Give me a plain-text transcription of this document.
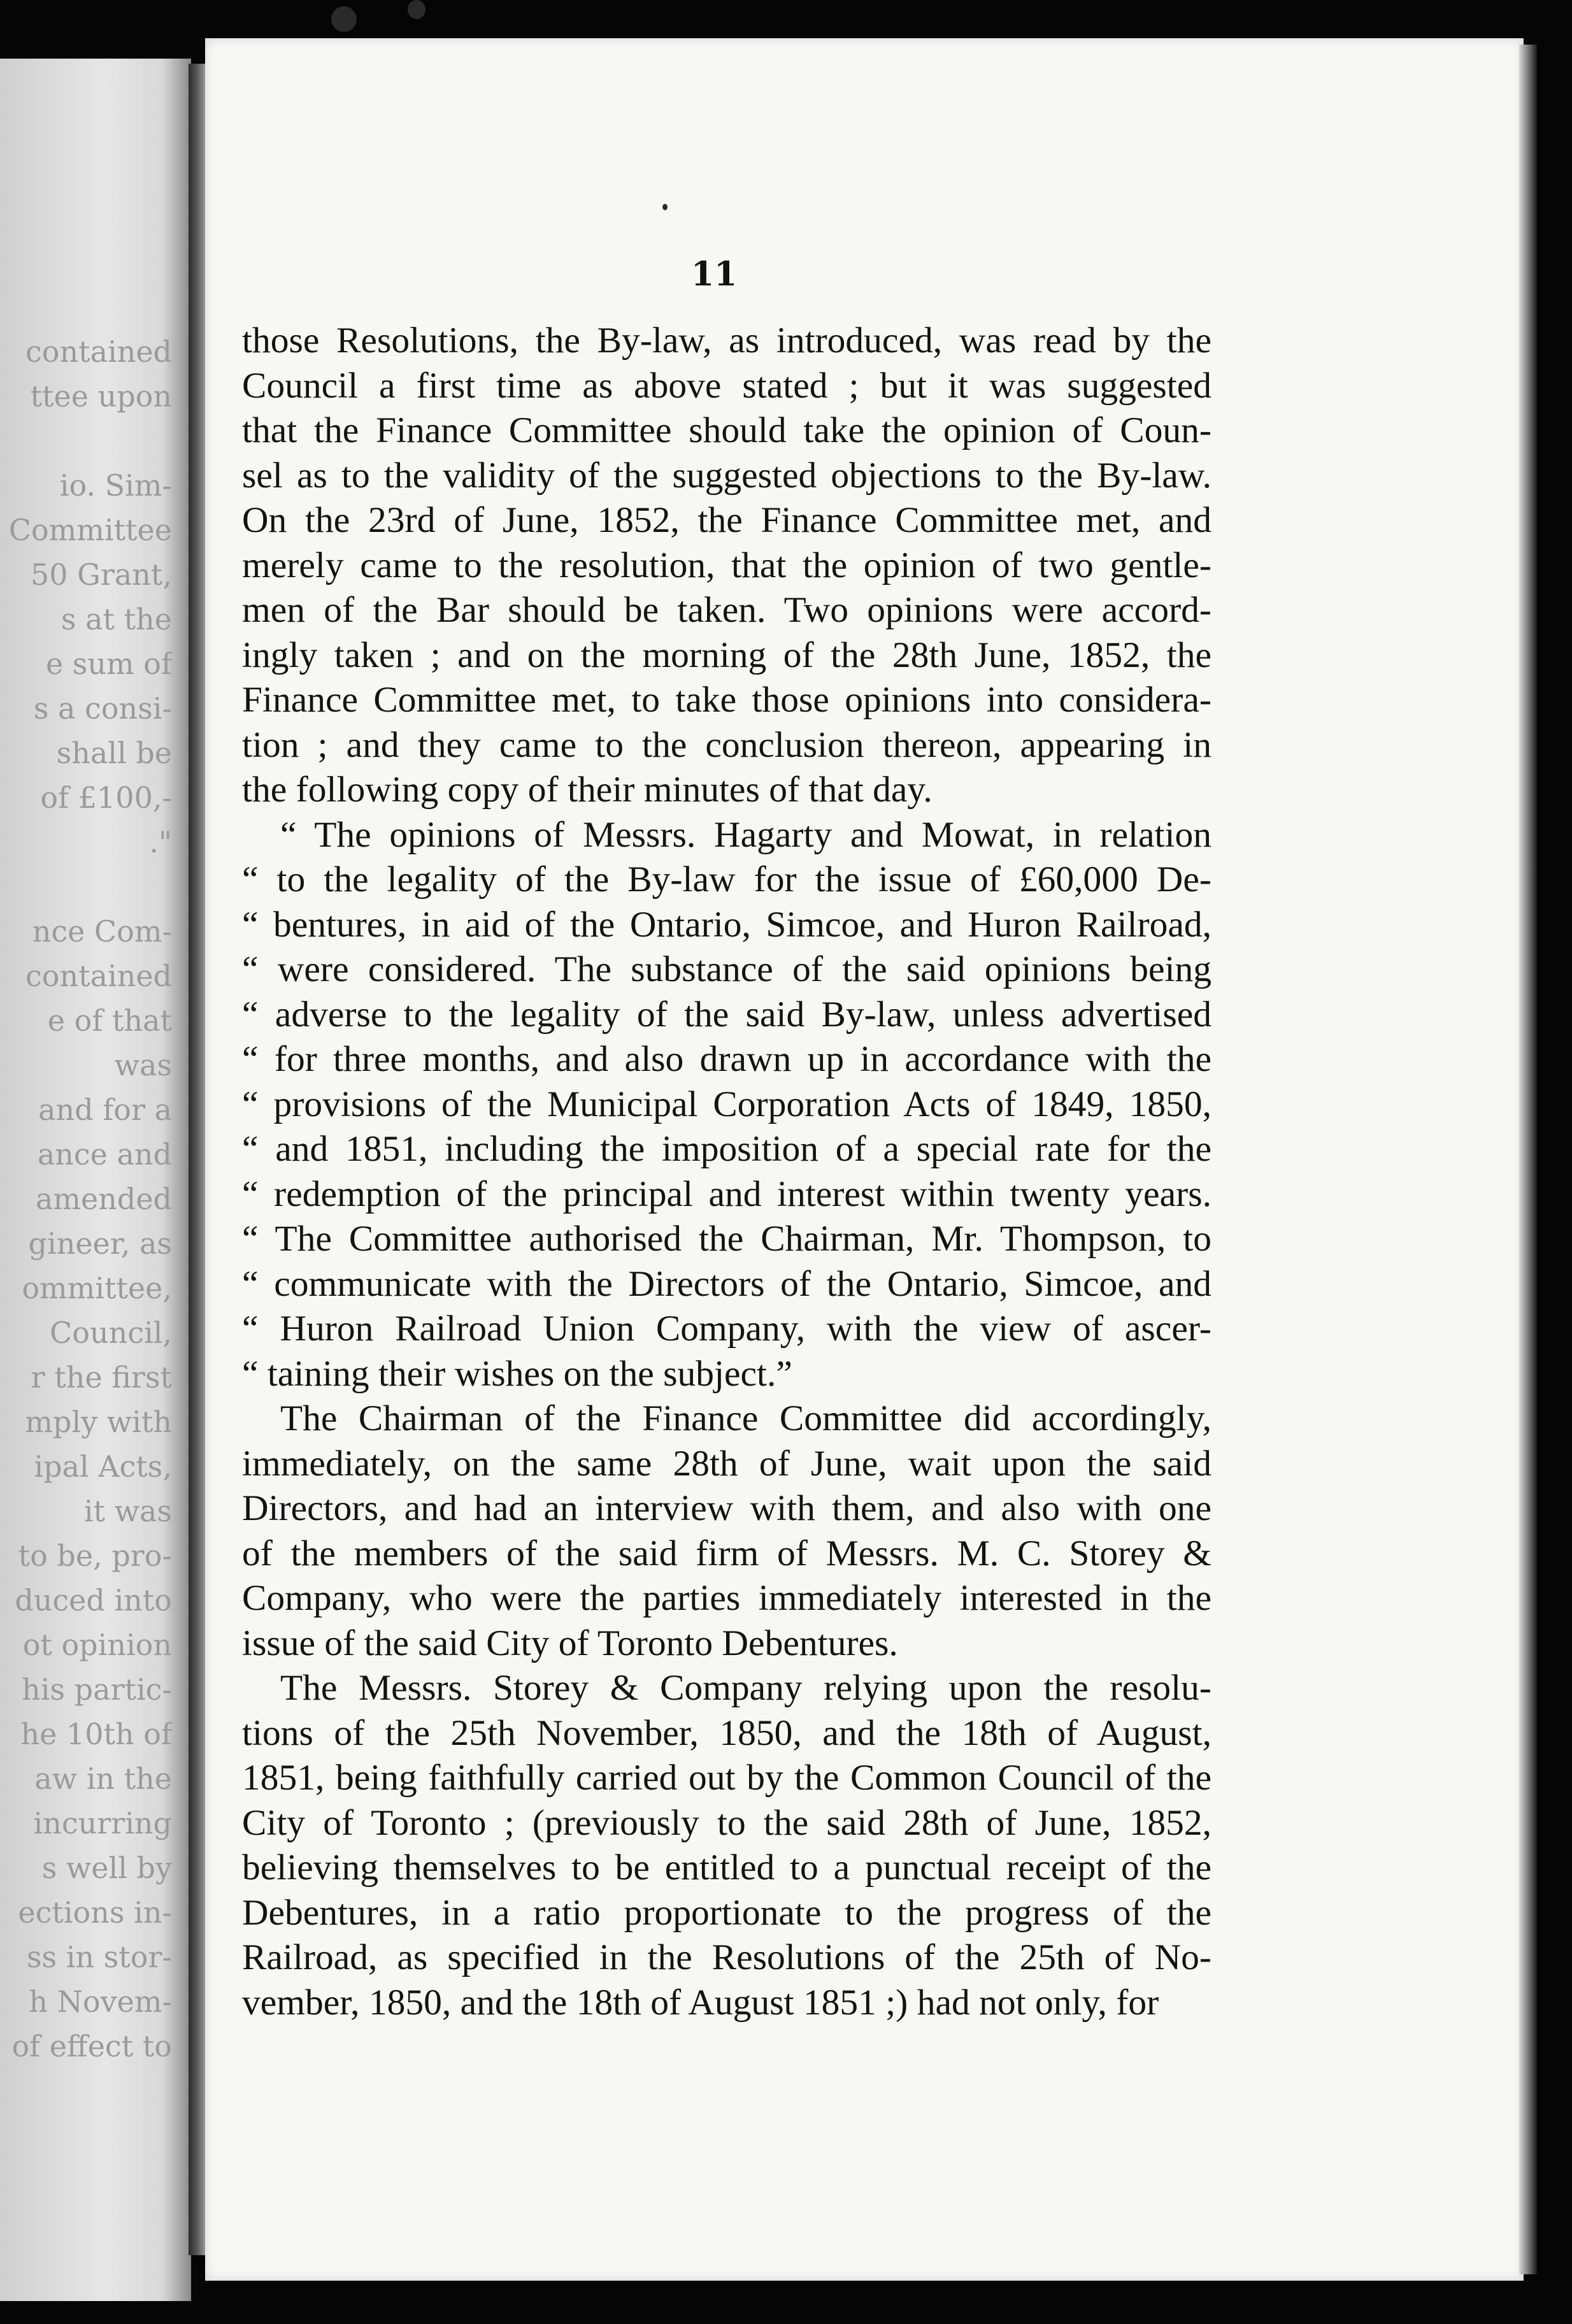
contained
ttee upon
io. Sim-
Committee
50 Grant,
s at the
e sum of
s a consi-
shall be
of £100,-
."
nce Com-
contained
e of that
was
and for a
ance and
amended
gineer, as
ommittee,
Council,
r the first
mply with
ipal Acts,
it was
to be, pro-
duced into
ot opinion
his partic-
he 10th of
aw in the
incurring
s well by
ections in-
ss in stor-
h Novem-
of effect to
11
those Resolutions, the By-law, as introduced, was read by the
Council a first time as above stated ; but it was suggested
that the Finance Committee should take the opinion of Coun-
sel as to the validity of the suggested objections to the By-law.
On the 23rd of June, 1852, the Finance Committee met, and
merely came to the resolution, that the opinion of two gentle-
men of the Bar should be taken. Two opinions were accord-
ingly taken ; and on the morning of the 28th June, 1852, the
Finance Committee met, to take those opinions into considera-
tion ; and they came to the conclusion thereon, appearing in
the following copy of their minutes of that day.
“ The opinions of Messrs. Hagarty and Mowat, in relation
“ to the legality of the By-law for the issue of £60,000 De-
“ bentures, in aid of the Ontario, Simcoe, and Huron Railroad,
“ were considered. The substance of the said opinions being
“ adverse to the legality of the said By-law, unless advertised
“ for three months, and also drawn up in accordance with the
“ provisions of the Municipal Corporation Acts of 1849, 1850,
“ and 1851, including the imposition of a special rate for the
“ redemption of the principal and interest within twenty years.
“ The Committee authorised the Chairman, Mr. Thompson, to
“ communicate with the Directors of the Ontario, Simcoe, and
“ Huron Railroad Union Company, with the view of ascer-
“ taining their wishes on the subject.”
The Chairman of the Finance Committee did accordingly,
immediately, on the same 28th of June, wait upon the said
Directors, and had an interview with them, and also with one
of the members of the said firm of Messrs. M. C. Storey &
Company, who were the parties immediately interested in the
issue of the said City of Toronto Debentures.
The Messrs. Storey & Company relying upon the resolu-
tions of the 25th November, 1850, and the 18th of August,
1851, being faithfully carried out by the Common Council of the
City of Toronto ; (previously to the said 28th of June, 1852,
believing themselves to be entitled to a punctual receipt of the
Debentures, in a ratio proportionate to the progress of the
Railroad, as specified in the Resolutions of the 25th of No-
vember, 1850, and the 18th of August 1851 ;) had not only, for
